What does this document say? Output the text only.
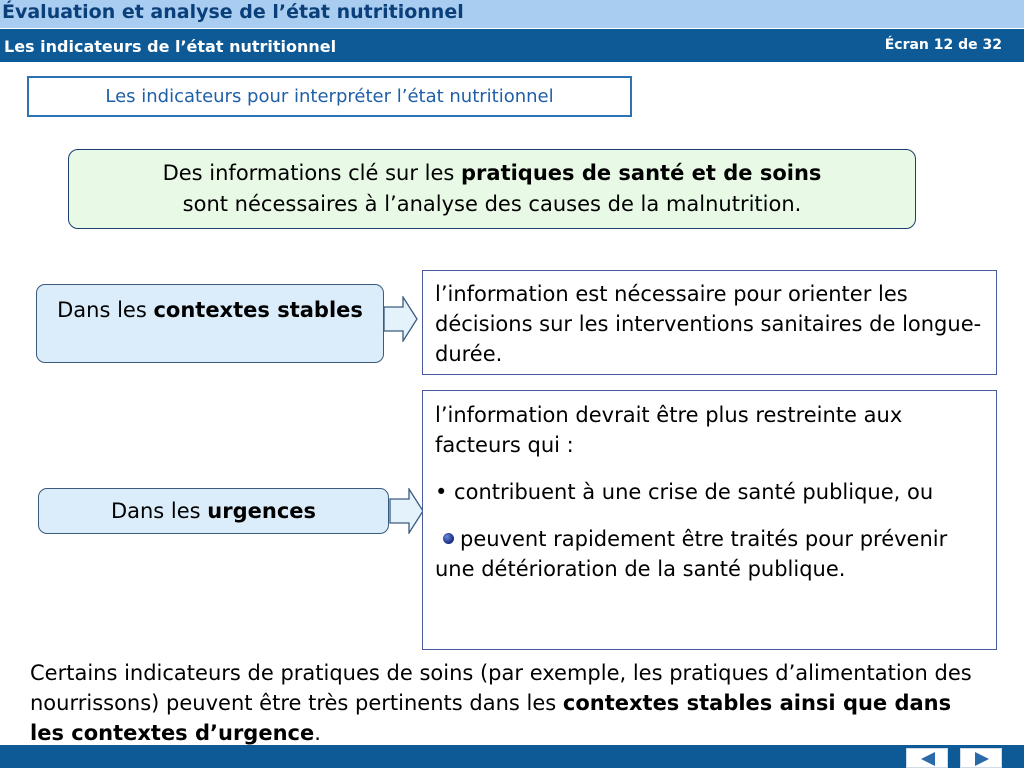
Évaluation et analyse de l’état nutritionnel
Les indicateurs de l’état nutritionnel	Écran 12 de 32
Les indicateurs pour interpréter l’état nutritionnel
Des informations clé sur les pratiques de santé et de soins
sont nécessaires à l’analyse des causes de la malnutrition.
Dans les contextes stables

l’information est nécessaire pour orienter les décisions sur les interventions sanitaires de longue-durée.

Dans les urgences

l’information devrait être plus restreinte aux facteurs qui :

• contribuent à une crise de santé publique, ou

peuvent rapidement être traités pour prévenir une détérioration de la santé publique.

Certains indicateurs de pratiques de soins (par exemple, les pratiques d’alimentation des nourrissons) peuvent être très pertinents dans les contextes stables ainsi que dans les contextes d’urgence.
